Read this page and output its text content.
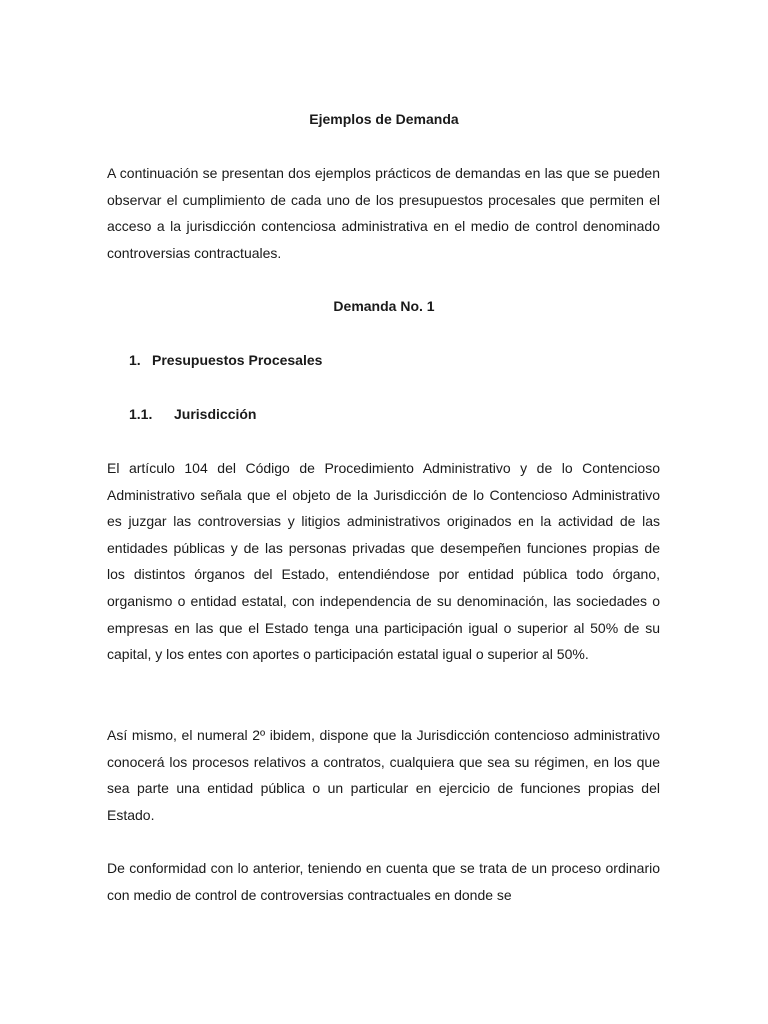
Ejemplos de Demanda

A continuación se presentan dos ejemplos prácticos de demandas en las que se pueden observar el cumplimiento de cada uno de los presupuestos procesales que permiten el acceso a la jurisdicción contenciosa administrativa en el medio de control denominado controversias contractuales.

Demanda No. 1
1. Presupuestos Procesales
1.1. Jurisdicción

El artículo 104 del Código de Procedimiento Administrativo y de lo Contencioso Administrativo señala que el objeto de la Jurisdicción de lo Contencioso Administrativo es juzgar las controversias y litigios administrativos originados en la actividad de las entidades públicas y de las personas privadas que desempeñen funciones propias de los distintos órganos del Estado, entendiéndose por entidad pública todo órgano, organismo o entidad estatal, con independencia de su denominación, las sociedades o empresas en las que el Estado tenga una participación igual o superior al 50% de su capital, y los entes con aportes o participación estatal igual o superior al 50%.

Así mismo, el numeral 2º ibidem, dispone que la Jurisdicción contencioso administrativo conocerá los procesos relativos a contratos, cualquiera que sea su régimen, en los que sea parte una entidad pública o un particular en ejercicio de funciones propias del Estado.

De conformidad con lo anterior, teniendo en cuenta que se trata de un proceso ordinario con medio de control de controversias contractuales en donde se
